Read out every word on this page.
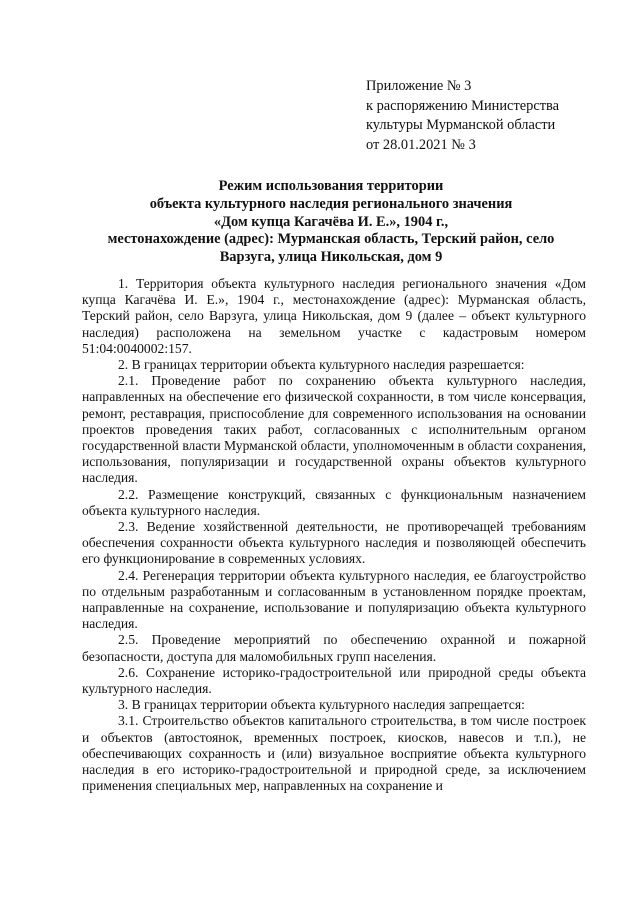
Приложение № 3
к распоряжению Министерства
культуры Мурманской области
от 28.01.2021 № 3
Режим использования территории
объекта культурного наследия регионального значения
«Дом купца Кагачёва И. Е.», 1904 г.,
местонахождение (адрес): Мурманская область, Терский район, село
Варзуга, улица Никольская, дом 9

1. Территория объекта культурного наследия регионального значения «Дом купца Кагачёва И. Е.», 1904 г., местонахождение (адрес): Мурманская область, Терский район, село Варзуга, улица Никольская, дом 9 (далее – объект культурного наследия) расположена на земельном участке с кадастровым номером 51:04:0040002:157.

2. В границах территории объекта культурного наследия разрешается:

2.1. Проведение работ по сохранению объекта культурного наследия, направленных на обеспечение его физической сохранности, в том числе консервация, ремонт, реставрация, приспособление для современного использования на основании проектов проведения таких работ, согласованных с исполнительным органом государственной власти Мурманской области, уполномоченным в области сохранения, использования, популяризации и государственной охраны объектов культурного наследия.

2.2. Размещение конструкций, связанных с функциональным назначением объекта культурного наследия.

2.3. Ведение хозяйственной деятельности, не противоречащей требованиям обеспечения сохранности объекта культурного наследия и позволяющей обеспечить его функционирование в современных условиях.

2.4. Регенерация территории объекта культурного наследия, ее благоустройство по отдельным разработанным и согласованным в установленном порядке проектам, направленные на сохранение, использование и популяризацию объекта культурного наследия.

2.5. Проведение мероприятий по обеспечению охранной и пожарной безопасности, доступа для маломобильных групп населения.

2.6. Сохранение историко-градостроительной или природной среды объекта культурного наследия.

3. В границах территории объекта культурного наследия запрещается:

3.1. Строительство объектов капитального строительства, в том числе построек и объектов (автостоянок, временных построек, киосков, навесов и т.п.), не обеспечивающих сохранность и (или) визуальное восприятие объекта культурного наследия в его историко-градостроительной и природной среде, за исключением применения специальных мер, направленных на сохранение и
